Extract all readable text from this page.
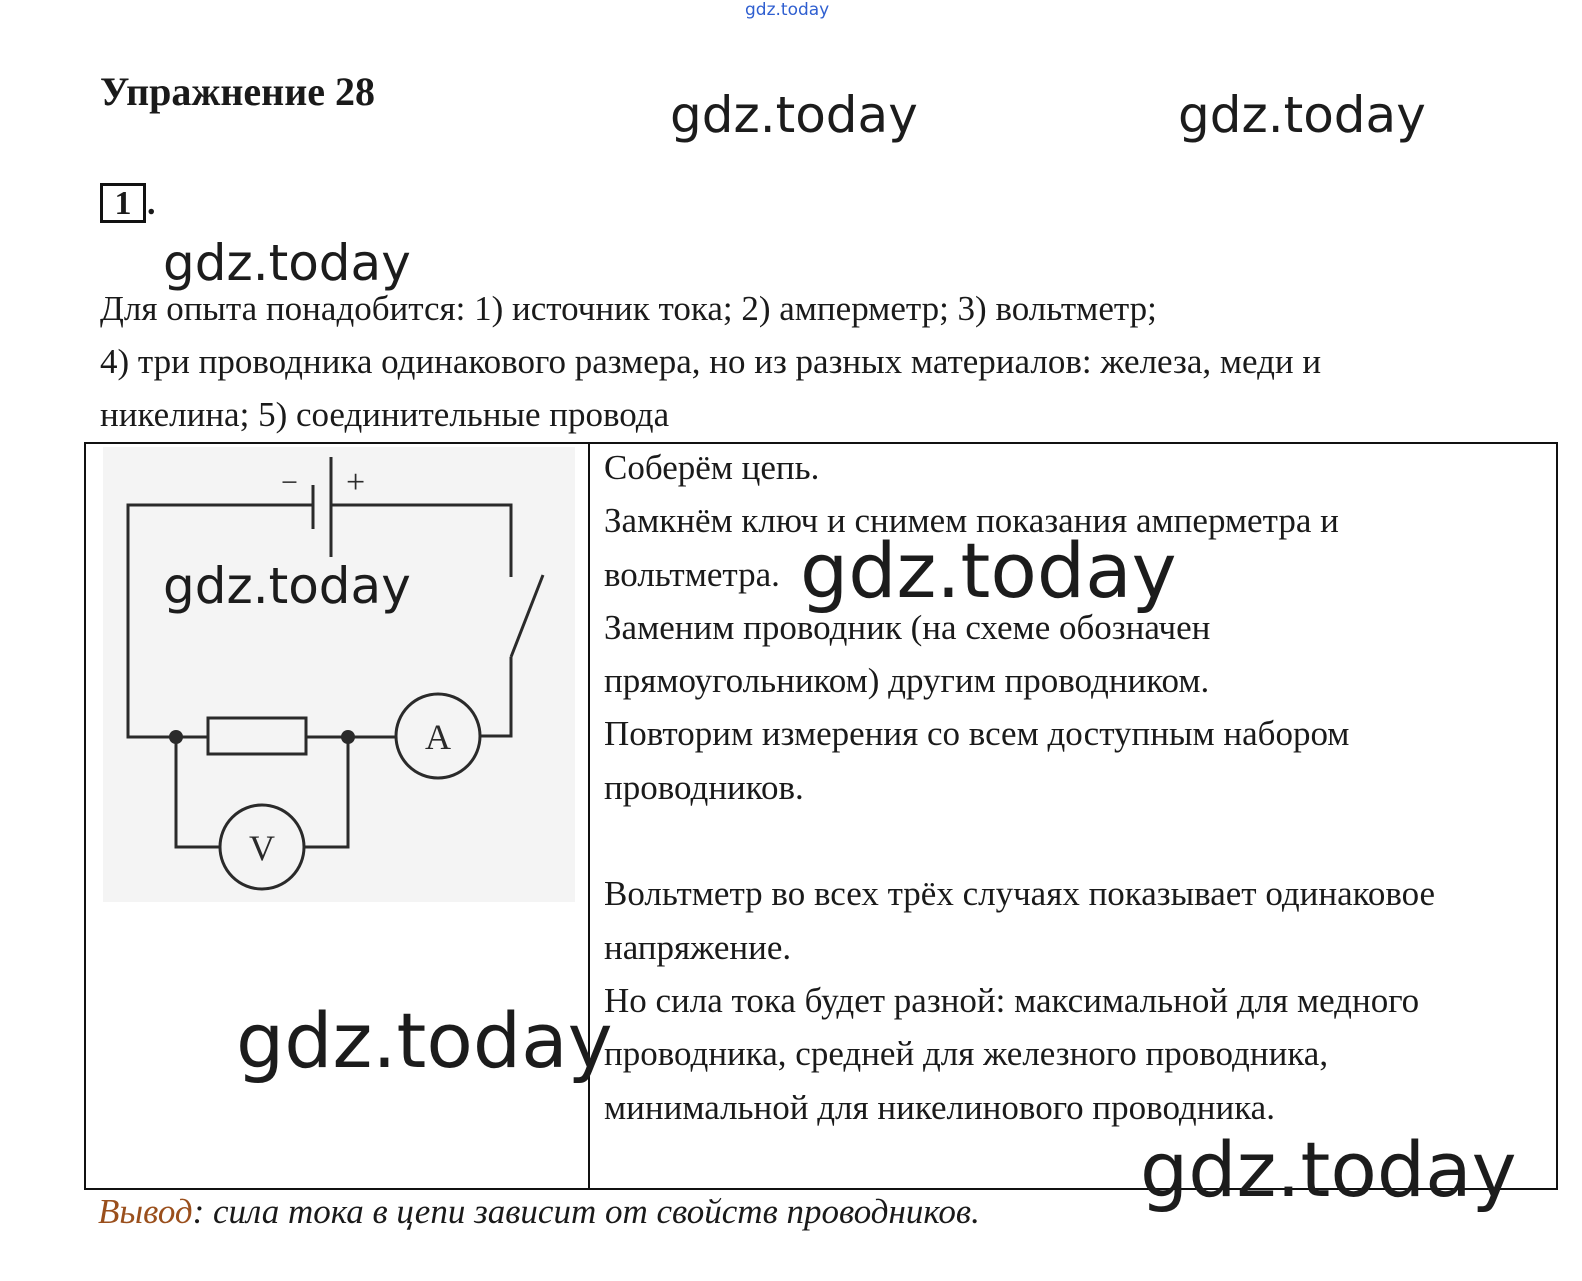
Упражнение 28
1 .
Для опыта понадобится: 1) источник тока; 2) амперметр; 3) вольтметр;
4) три проводника одинакового размера, но из разных материалов: железа, меди и
никелина; 5) соединительные провода
− +
A
V
Соберём цепь.
Замкнём ключ и снимем показания амперметра и
вольтметра.
Заменим проводник (на схеме обозначен
прямоугольником) другим проводником.
Повторим измерения со всем доступным набором
проводников.
Вольтметр во всех трёх случаях показывает одинаковое
напряжение.
Но сила тока будет разной: максимальной для медного
проводника, средней для железного проводника,
минимальной для никелинового проводника.
Вывод: сила тока в цепи зависит от свойств проводников.
gdz.today
gdz.today	gdz.today
gdz.today
gdz.today	gdz.today
gdz.today
gdz.today
